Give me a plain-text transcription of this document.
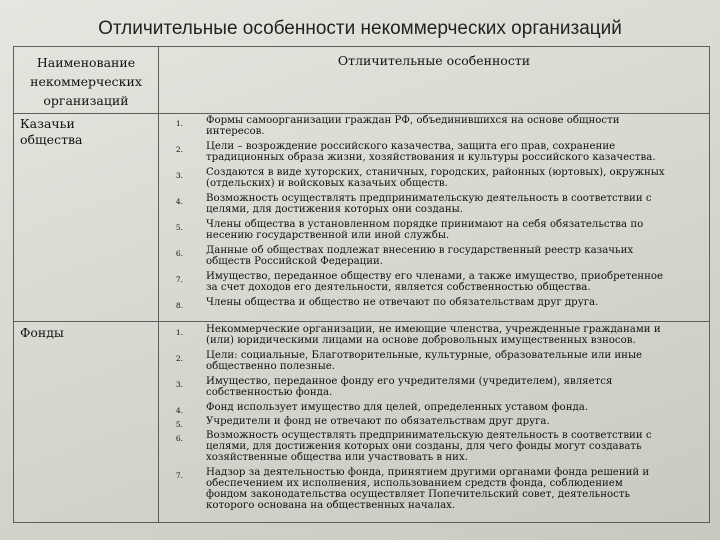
Отличительные особенности некоммерческих организаций
Наименование
некоммерческих
организаций
Отличительные особенности
Казачьи
общества
1. Формы самоорганизации граждан РФ, объединившихся на основе общности
интересов.
2. Цели – возрождение российского казачества, защита его прав, сохранение
традиционных образа жизни, хозяйствования и культуры российского казачества.
3. Создаются в виде хуторских, станичных, городских, районных (юртовых), окружных
(отдельских) и войсковых казачьих обществ.
4. Возможность осуществлять предпринимательскую деятельность в соответствии с
целями, для достижения которых они созданы.
5. Члены общества в установленном порядке принимают на себя обязательства по
несению государственной или иной службы.
6. Данные об обществах подлежат внесению в государственный реестр казачьих
обществ Российской Федерации.
7. Имущество, переданное обществу его членами, а также имущество, приобретенное
за счет доходов его деятельности, является собственностью общества.
8. Члены общества и общество не отвечают по обязательствам друг друга.
Фонды	1. Некоммерческие организации, не имеющие членства, учрежденные гражданами и
(или) юридическими лицами на основе добровольных имущественных взносов.
2. Цели: социальные, Благотворительные, культурные, образовательные или иные
общественно полезные.
3. Имущество, переданное фонду его учредителями (учредителем), является
собственностью фонда.
4. Фонд использует имущество для целей, определенных уставом фонда.
5. Учредители и фонд не отвечают по обязательствам друг друга.
6. Возможность осуществлять предпринимательскую деятельность в соответствии с
целями, для достижения которых они созданы, для чего фонды могут создавать
хозяйственные общества или участвовать в них.
7. Надзор за деятельностью фонда, принятием другими органами фонда решений и
обеспечением их исполнения, использованием средств фонда, соблюдением
фондом законодательства осуществляет Попечительский совет, деятельность
которого основана на общественных началах.
